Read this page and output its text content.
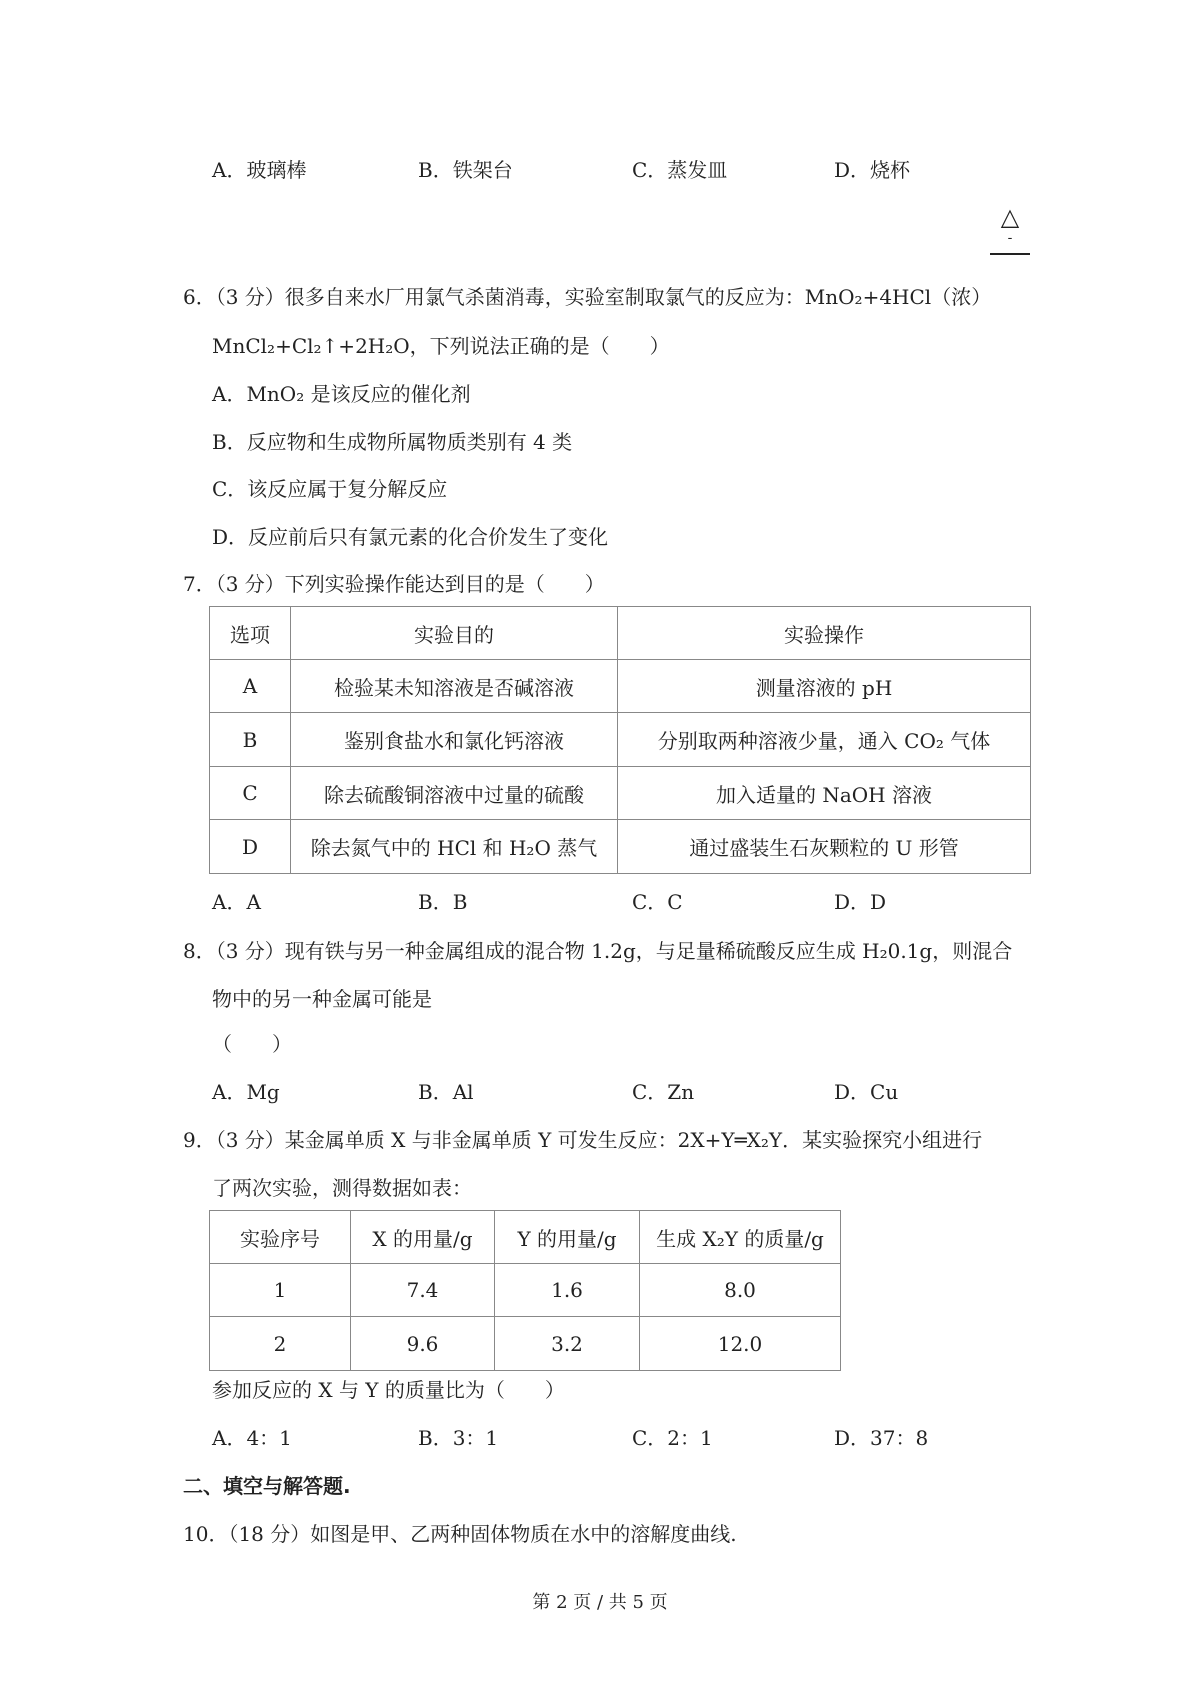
A．玻璃棒	B．铁架台	C．蒸发皿	D．烧杯
△
-
6．（3 分）很多自来水厂用氯气杀菌消毒，实验室制取氯气的反应为：MnO₂+4HCl（浓）
MnCl₂+Cl₂↑+2H₂O，下列说法正确的是（　　）
A．MnO₂ 是该反应的催化剂
B．反应物和生成物所属物质类别有 4 类
C．该反应属于复分解反应
D．反应前后只有氯元素的化合价发生了变化
7．（3 分）下列实验操作能达到目的是（　　）
选项	实验目的	实验操作
A	检验某未知溶液是否碱溶液	测量溶液的 pH
B	鉴别食盐水和氯化钙溶液	分别取两种溶液少量，通入 CO₂ 气体
C	除去硫酸铜溶液中过量的硫酸	加入适量的 NaOH 溶液
D	除去氮气中的 HCl 和 H₂O 蒸气	通过盛装生石灰颗粒的 U 形管
A．A	B．B	C．C	D．D
8．（3 分）现有铁与另一种金属组成的混合物 1.2g，与足量稀硫酸反应生成 H₂0.1g，则混合
物中的另一种金属可能是
（　　）
A．Mg	B．Al	C．Zn	D．Cu
9．（3 分）某金属单质 X 与非金属单质 Y 可发生反应：2X+Y═X₂Y．某实验探究小组进行
了两次实验，测得数据如表：
实验序号	X 的用量/g	Y 的用量/g	生成 X₂Y 的质量/g
1	7.4	1.6	8.0
2	9.6	3.2	12.0
参加反应的 X 与 Y 的质量比为（　　）
A．4：1	B．3：1	C．2：1	D．37：8
二、填空与解答题.
10．（18 分）如图是甲、乙两种固体物质在水中的溶解度曲线.
第 2 页 / 共 5 页
